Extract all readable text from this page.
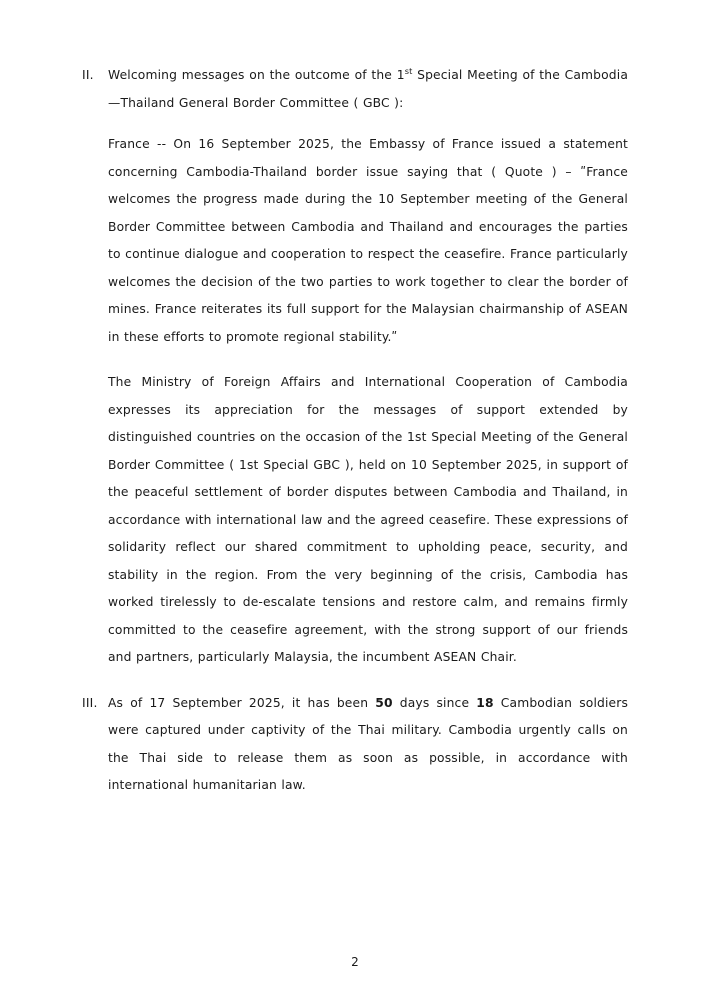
II.	Welcoming messages on the outcome of the 1st Special Meeting of the Cambodia—Thailand General Border Committee ( GBC ):

France -- On 16 September 2025, the Embassy of France issued a statement concerning Cambodia-Thailand border issue saying that ( Quote ) – ʺFrance welcomes the progress made during the 10 September meeting of the General Border Committee between Cambodia and Thailand and encourages the parties to continue dialogue and cooperation to respect the ceasefire. France particularly welcomes the decision of the two parties to work together to clear the border of mines. France reiterates its full support for the Malaysian chairmanship of ASEAN in these efforts to promote regional stability.ʺ

The Ministry of Foreign Affairs and International Cooperation of Cambodia expresses its appreciation for the messages of support extended by distinguished countries on the occasion of the 1st Special Meeting of the General Border Committee ( 1st Special GBC ), held on 10 September 2025, in support of the peaceful settlement of border disputes between Cambodia and Thailand, in accordance with international law and the agreed ceasefire. These expressions of solidarity reflect our shared commitment to upholding peace, security, and stability in the region. From the very beginning of the crisis, Cambodia has worked tirelessly to de-escalate tensions and restore calm, and remains firmly committed to the ceasefire agreement, with the strong support of our friends and partners, particularly Malaysia, the incumbent ASEAN Chair.

III. As of 17 September 2025, it has been 50 days since 18 Cambodian soldiers were captured under captivity of the Thai military. Cambodia urgently calls on the Thai side to release them as soon as possible, in accordance with international humanitarian law.

2
